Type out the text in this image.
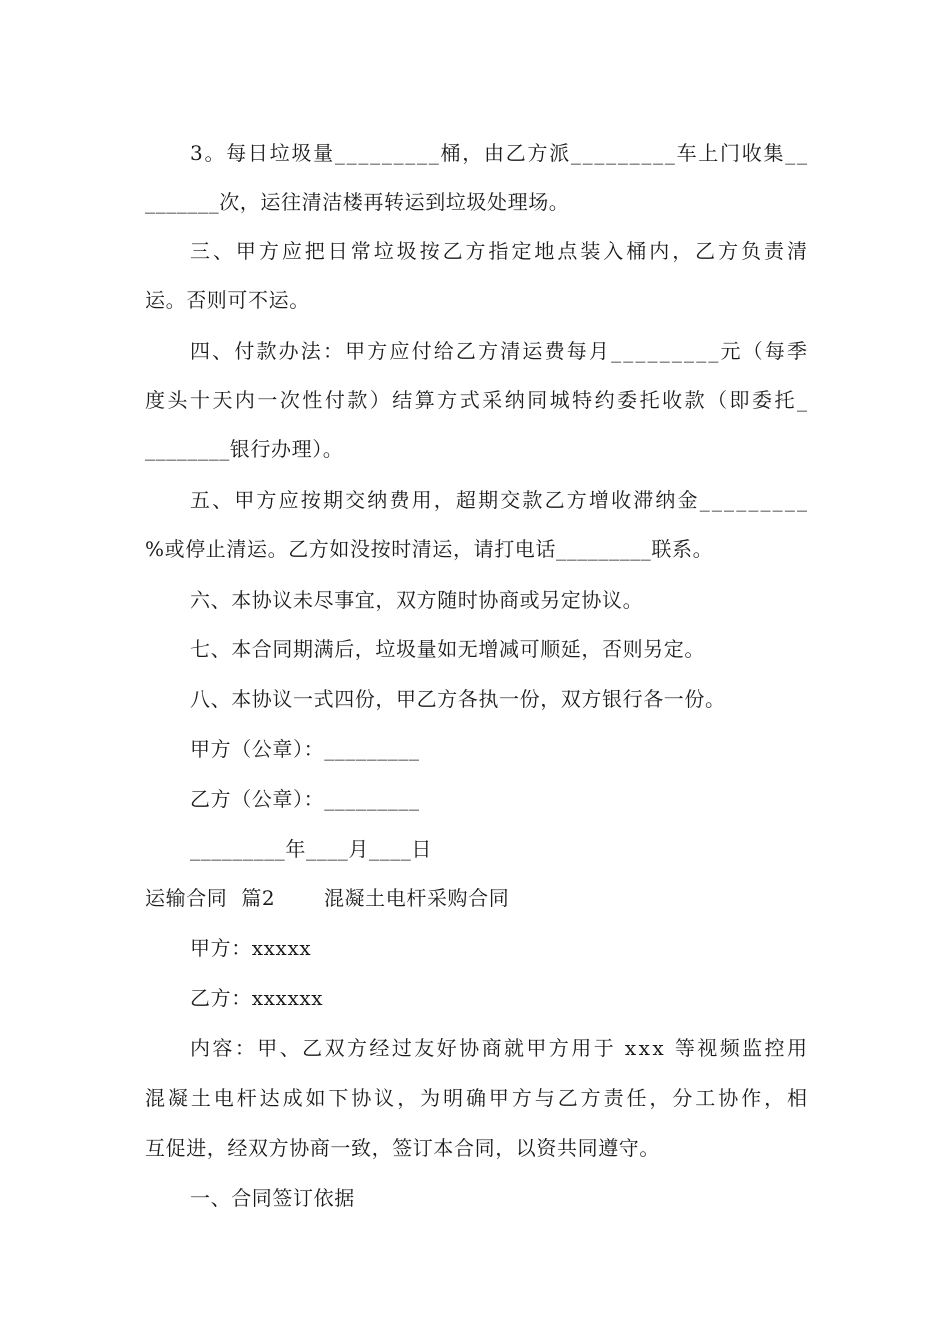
3。每日垃圾量_________桶，由乙方派_________车上门收集__
_______次，运往清洁楼再转运到垃圾处理场。
三、甲方应把日常垃圾按乙方指定地点装入桶内，乙方负责清
运。否则可不运。
四、付款办法：甲方应付给乙方清运费每月_________元（每季
度头十天内一次性付款）结算方式采纳同城特约委托收款（即委托_
________银行办理）。
五、甲方应按期交纳费用，超期交款乙方增收滞纳金_________
%或停止清运。乙方如没按时清运，请打电话_________联系。
六、本协议未尽事宜，双方随时协商或另定协议。
七、本合同期满后，垃圾量如无增减可顺延，否则另定。
八、本协议一式四份，甲乙方各执一份，双方银行各一份。
甲方（公章）：_________
乙方（公章）：_________
_________年____月____日
运输合同  篇2       混凝土电杆采购合同
甲方：xxxxx
乙方：xxxxxx
内容：甲、乙双方经过友好协商就甲方用于 xxx 等视频监控用
混凝土电杆达成如下协议，为明确甲方与乙方责任，分工协作，相
互促进，经双方协商一致，签订本合同，以资共同遵守。
一、合同签订依据
